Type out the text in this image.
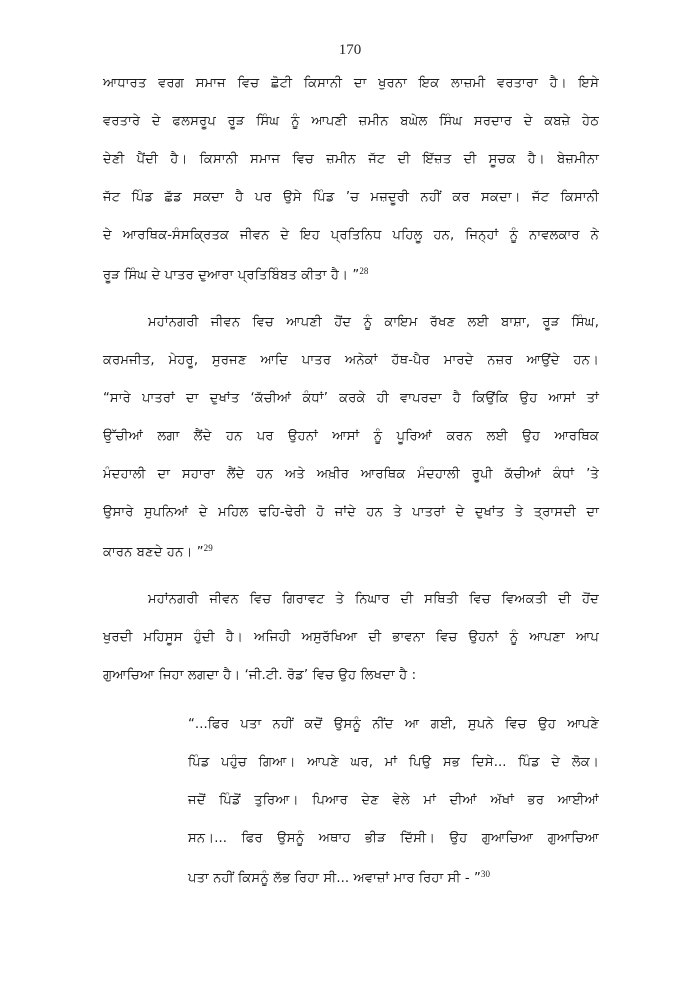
170
ਆਧਾਰਤ ਵਰਗ ਸਮਾਜ ਵਿਚ ਛੋਟੀ ਕਿਸਾਨੀ ਦਾ ਖੁਰਨਾ ਇਕ ਲਾਜ਼ਮੀ ਵਰਤਾਰਾ ਹੈ। ਇਸੇ
ਵਰਤਾਰੇ ਦੇ ਫਲਸਰੂਪ ਰੂੜ ਸਿੰਘ ਨੂੰ ਆਪਣੀ ਜ਼ਮੀਨ ਬਘੇਲ ਸਿੰਘ ਸਰਦਾਰ ਦੇ ਕਬਜ਼ੇ ਹੇਠ
ਦੇਣੀ ਪੈਂਦੀ ਹੈ। ਕਿਸਾਨੀ ਸਮਾਜ ਵਿਚ ਜ਼ਮੀਨ ਜੱਟ ਦੀ ਇੱਜ਼ਤ ਦੀ ਸੂਚਕ ਹੈ। ਬੇਜ਼ਮੀਨਾ
ਜੱਟ ਪਿੰਡ ਛੱਡ ਸਕਦਾ ਹੈ ਪਰ ਉਸੇ ਪਿੰਡ ’ਚ ਮਜ਼ਦੂਰੀ ਨਹੀਂ ਕਰ ਸਕਦਾ। ਜੱਟ ਕਿਸਾਨੀ
ਦੇ ਆਰਥਿਕ-ਸੰਸਕ੍ਰਿਤਕ ਜੀਵਨ ਦੇ ਇਹ ਪ੍ਰਤਿਨਿਧ ਪਹਿਲੂ ਹਨ, ਜਿਨ੍ਹਾਂ ਨੂੰ ਨਾਵਲਕਾਰ ਨੇ
ਰੂੜ ਸਿੰਘ ਦੇ ਪਾਤਰ ਦੁਆਰਾ ਪ੍ਰਤਿਬਿੰਬਤ ਕੀਤਾ ਹੈ। ”$^{28}$
ਮਹਾਂਨਗਰੀ ਜੀਵਨ ਵਿਚ ਆਪਣੀ ਹੋਂਦ ਨੂੰ ਕਾਇਮ ਰੱਖਣ ਲਈ ਬਾਸ਼ਾ, ਰੂੜ ਸਿੰਘ,
ਕਰਮਜੀਤ, ਮੇਹਰੂ, ਸੁਰਜਣ ਆਦਿ ਪਾਤਰ ਅਨੇਕਾਂ ਹੱਥ-ਪੈਰ ਮਾਰਦੇ ਨਜ਼ਰ ਆਉਂਦੇ ਹਨ।
“ਸਾਰੇ ਪਾਤਰਾਂ ਦਾ ਦੁਖਾਂਤ ‘ਕੱਚੀਆਂ ਕੰਧਾਂ’ ਕਰਕੇ ਹੀ ਵਾਪਰਦਾ ਹੈ ਕਿਉਂਕਿ ਉਹ ਆਸਾਂ ਤਾਂ
ਉੱਚੀਆਂ ਲਗਾ ਲੈਂਦੇ ਹਨ ਪਰ ਉਹਨਾਂ ਆਸਾਂ ਨੂੰ ਪੂਰਿਆਂ ਕਰਨ ਲਈ ਉਹ ਆਰਥਿਕ
ਮੰਦਹਾਲੀ ਦਾ ਸਹਾਰਾ ਲੈਂਦੇ ਹਨ ਅਤੇ ਅਖ਼ੀਰ ਆਰਥਿਕ ਮੰਦਹਾਲੀ ਰੂਪੀ ਕੱਚੀਆਂ ਕੰਧਾਂ ’ਤੇ
ਉਸਾਰੇ ਸੁਪਨਿਆਂ ਦੇ ਮਹਿਲ ਢਹਿ-ਢੇਰੀ ਹੋ ਜਾਂਦੇ ਹਨ ਤੇ ਪਾਤਰਾਂ ਦੇ ਦੁਖਾਂਤ ਤੇ ਤ੍ਰਾਸਦੀ ਦਾ
ਕਾਰਨ ਬਣਦੇ ਹਨ। ”$^{29}$
ਮਹਾਂਨਗਰੀ ਜੀਵਨ ਵਿਚ ਗਿਰਾਵਟ ਤੇ ਨਿਘਾਰ ਦੀ ਸਥਿਤੀ ਵਿਚ ਵਿਅਕਤੀ ਦੀ ਹੋਂਦ
ਖੁਰਦੀ ਮਹਿਸੂਸ ਹੁੰਦੀ ਹੈ। ਅਜਿਹੀ ਅਸੁਰੱਖਿਆ ਦੀ ਭਾਵਨਾ ਵਿਚ ਉਹਨਾਂ ਨੂੰ ਆਪਣਾ ਆਪ
ਗੁਆਚਿਆ ਜਿਹਾ ਲਗਦਾ ਹੈ। ‘ਜੀ.ਟੀ. ਰੋਡ’ ਵਿਚ ਉਹ ਲਿਖਦਾ ਹੈ :
“...ਫਿਰ ਪਤਾ ਨਹੀਂ ਕਦੋਂ ਉਸਨੂੰ ਨੀਂਦ ਆ ਗਈ, ਸੁਪਨੇ ਵਿਚ ਉਹ ਆਪਣੇ
ਪਿੰਡ ਪਹੁੰਚ ਗਿਆ। ਆਪਣੇ ਘਰ, ਮਾਂ ਪਿਉ ਸਭ ਦਿਸੇ... ਪਿੰਡ ਦੇ ਲੋਕ।
ਜਦੋਂ ਪਿੰਡੋਂ ਤੁਰਿਆ। ਪਿਆਰ ਦੇਣ ਵੇਲੇ ਮਾਂ ਦੀਆਂ ਅੱਖਾਂ ਭਰ ਆਈਆਂ
ਸਨ।... ਫਿਰ ਉਸਨੂੰ ਅਥਾਹ ਭੀੜ ਦਿੱਸੀ। ਉਹ ਗੁਆਚਿਆ ਗੁਆਚਿਆ
ਪਤਾ ਨਹੀਂ ਕਿਸਨੂੰ ਲੱਭ ਰਿਹਾ ਸੀ... ਅਵਾਜ਼ਾਂ ਮਾਰ ਰਿਹਾ ਸੀ - ”$^{30}$
